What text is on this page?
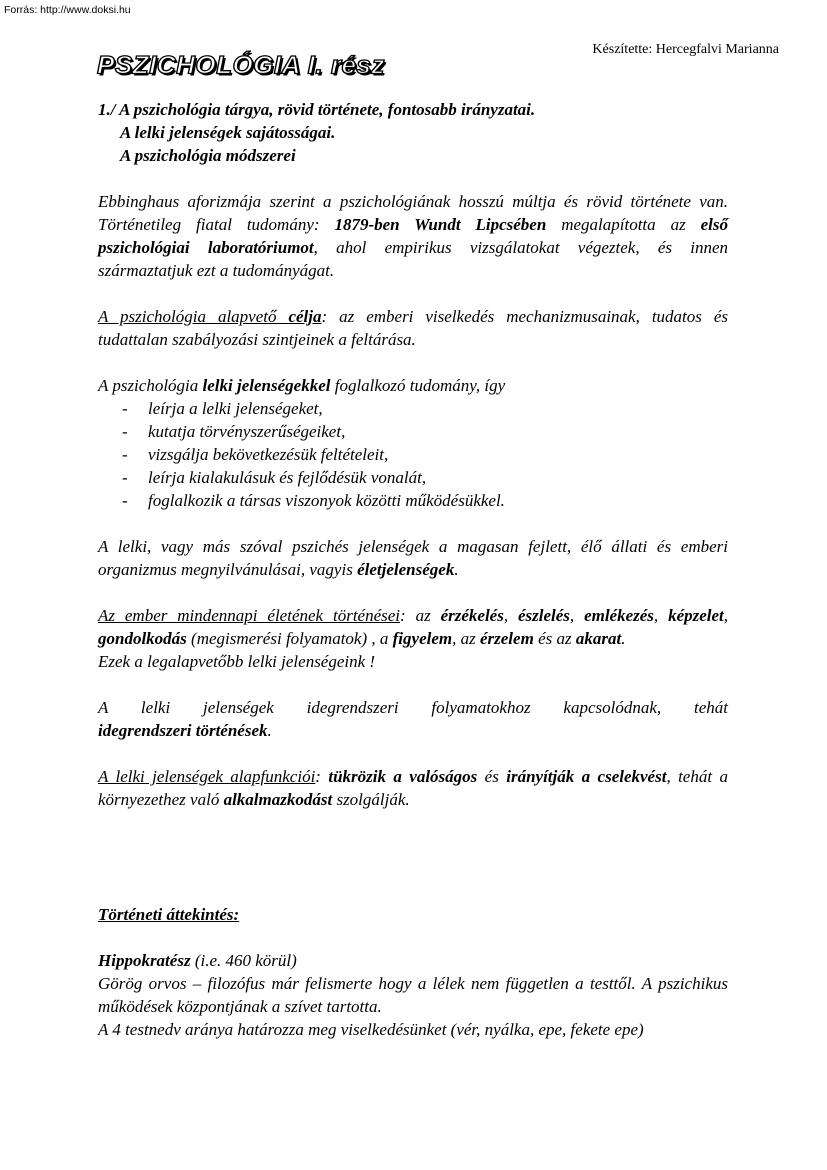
Forrás: http://www.doksi.hu
Készítette: Hercegfalvi Marianna
PSZICHOLÓGIA I. rész
1./ A pszichológia tárgya, rövid története, fontosabb irányzatai.
A lelki jelenségek sajátosságai.
A pszichológia módszerei

Ebbinghaus aforizmája szerint a pszichológiának hosszú múltja és rövid története van. Történetileg fiatal tudomány: 1879-ben Wundt Lipcsében megalapította az első pszichológiai laboratóriumot, ahol empirikus vizsgálatokat végeztek, és innen származtatjuk ezt a tudományágat.

A pszichológia alapvető célja: az emberi viselkedés mechanizmusainak, tudatos és tudattalan szabályozási szintjeinek a feltárása.

A pszichológia lelki jelenségekkel foglalkozó tudomány, így

- leírja a lelki jelenségeket,
- kutatja törvényszerűségeiket,
- vizsgálja bekövetkezésük feltételeit,
- leírja kialakulásuk és fejlődésük vonalát,
- foglalkozik a társas viszonyok közötti működésükkel.

A lelki, vagy más szóval pszichés jelenségek a magasan fejlett, élő állati és emberi organizmus megnyilvánulásai, vagyis életjelenségek.

Az ember mindennapi életének történései: az érzékelés, észlelés, emlékezés, képzelet, gondolkodás (megismerési folyamatok) , a figyelem, az érzelem és az akarat.

Ezek a legalapvetőbb lelki jelenségeink !

A lelki jelenségek idegrendszeri folyamatokhoz kapcsolódnak, tehát

idegrendszeri történések.

A lelki jelenségek alapfunkciói: tükrözik a valóságos és irányítják a cselekvést, tehát a környezethez való alkalmazkodást szolgálják.

Történeti áttekintés:

Hippokratész (i.e. 460 körül)

Görög orvos – filozófus már felismerte hogy a lélek nem független a testtől. A pszichikus működések központjának a szívet tartotta.

A 4 testnedv aránya határozza meg viselkedésünket (vér, nyálka, epe, fekete epe)
